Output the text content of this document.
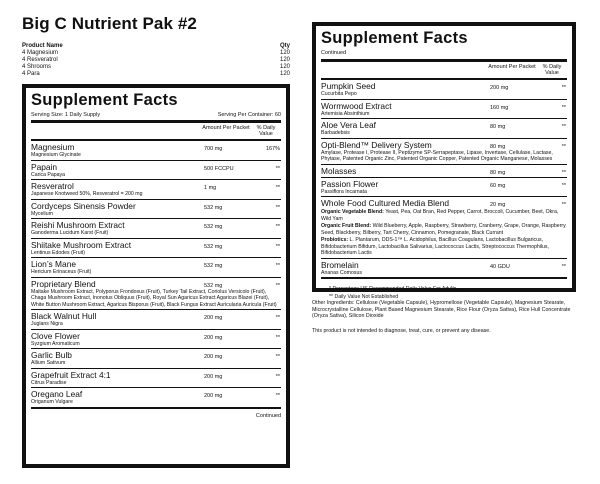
Big C Nutrient Pak #2
Product Name	Qty
4 Magnesium	120
4 Resveratrol	120
4 Shrooms	120
4 Para	120
Supplement Facts
Serving Size: 1 Daily Supply	Serving Per Container: 60
Amount Per Packet	% Daily Value
Magnesium	700 mg	167%
Magnesium Glycinate
Papain	500 FCCPU	**
Carica Papaya
Resveratrol	1 mg	**
Japanese Knotweed 50%, Resveratrol = 200 mg
Cordyceps Sinensis Powder	532 mg	**
Mycelium
Reishi Mushroom Extract	532 mg	**
Ganoderma Lucidum Karst (Fruit)
Shiitake Mushroom Extract	532 mg	**
Lentinus Edodes (Fruit)
Lion’s Mane	532 mg	**
Hericium Erinaceus (Fruit)
Proprietary Blend	532 mg	**
Maitake Mushroom Extract, Polyporus Frondosus (Fruit), Turkey Tail Extract, Coriolus Versicolo (Fruit), Chaga Mushroom Extract, Inonotus Obliquus (Fruit), Royal Sun Agaricus Extract Agaricus Blazei (Fruit), White Button Mushroom Extract, Agaricus Bisporus (Fruit), Black Fungus Extract Auricularia Auricula (Fruit)
Black Walnut Hull	200 mg	**
Juglans Nigra
Clove Flower	200 mg	**
Syzgium Aromaticum
Garlic Bulb	200 mg	**
Allium Sativum
Grapefruit Extract 4:1	200 mg	**
Citrus Paradise
Oregano Leaf	200 mg	**
Origanum Vulgare
Continued
Supplement Facts
Continued
Amount Per Packet	% Daily Value
Pumpkin Seed	200 mg	**
Cucurbita Pepo
Wormwood Extract	160 mg	**
Artemisia Absinthium
Aloe Vera Leaf	80 mg	**
Barbadebsis
Opti-Blend™ Delivery System	80 mg	**
Amylase, Protease I, Protease II, Peptizyme SP-Serrapeptase, Lipase, Invertase, Cellulase, Lactase, Phytase, Patented Organic Zinc, Patented Organic Copper, Patented Organic Manganese, Molasses
Molasses	80 mg	**
Passion Flower	60 mg	**
Passiflora Incarnata
Whole Food Cultured Media Blend	20 mg	**
Organic Vegetable Blend: Yeast, Pea, Oat Bran, Red Pepper, Carrot, Broccoli, Cucumber, Beet, Okra, Wild Yam
Organic Fruit Blend: Wild Blueberry, Apple, Raspberry, Strawberry, Cranberry, Grape, Orange, Raspberry Seed, Blackberry, Bilberry, Tart Cherry, Cinnamon, Pomegranate, Black Currant
Probiotics: L. Plantarum, DDS-1™ L. Acidophilus, Bacillus Coagulans, Lactobacillus Bulgaricus, Bifidobacterium Bifidum, Lactobacillus Salivarius, Lactococcus Lactis, Streptococcus Thermophilus, Bifidobacterium Lactis
Bromelain	40 GDU	**
Ananas Comosus
* Percentage US Recommended Daily Value For Adults
** Daily Value Not Established
Other Ingredients: Cellulose (Vegetable Capsule), Hypromellose (Vegetable Capsule), Magnesium Stearate, Microcrystalline Cellulose, Plant Based Magnesium Stearate, Rice Flour (Oryza Sativa), Rice Hull Concentrate (Oryza Sativa), Silicon Dioxide
This product is not intended to diagnose, treat, cure, or prevent any disease.
